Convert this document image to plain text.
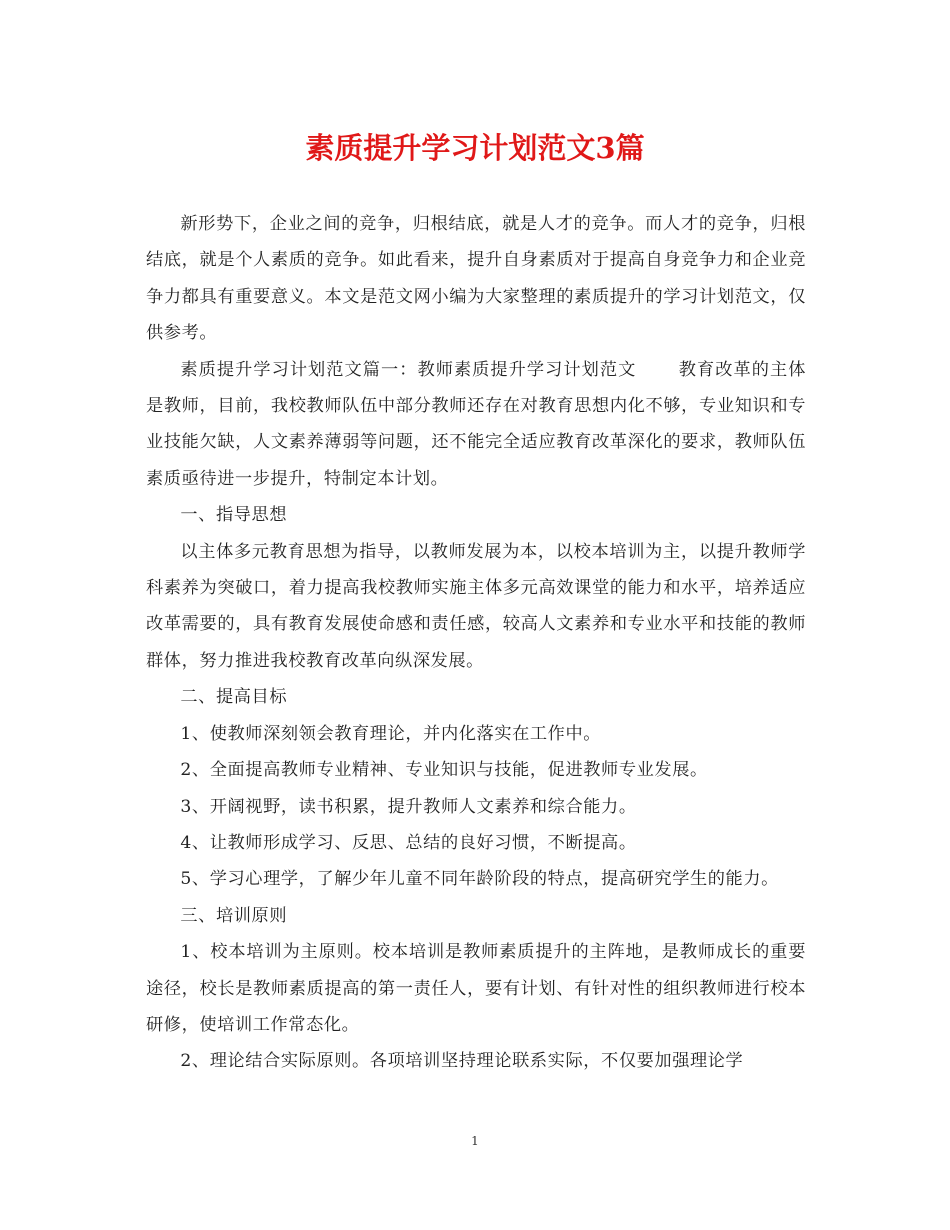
素质提升学习计划范文3篇

新形势下，企业之间的竞争，归根结底，就是人才的竞争。而人才的竞争，归根结底，就是个人素质的竞争。如此看来，提升自身素质对于提高自身竞争力和企业竞争力都具有重要意义。本文是范文网小编为大家整理的素质提升的学习计划范文，仅供参考。

素质提升学习计划范文篇一：教师素质提升学习计划范文 教育改革的主体是教师，目前，我校教师队伍中部分教师还存在对教育思想内化不够，专业知识和专业技能欠缺，人文素养薄弱等问题，还不能完全适应教育改革深化的要求，教师队伍素质亟待进一步提升，特制定本计划。

一、指导思想

以主体多元教育思想为指导，以教师发展为本，以校本培训为主，以提升教师学科素养为突破口，着力提高我校教师实施主体多元高效课堂的能力和水平，培养适应改革需要的，具有教育发展使命感和责任感，较高人文素养和专业水平和技能的教师群体，努力推进我校教育改革向纵深发展。

二、提高目标

1、使教师深刻领会教育理论，并内化落实在工作中。

2、全面提高教师专业精神、专业知识与技能，促进教师专业发展。

3、开阔视野，读书积累，提升教师人文素养和综合能力。

4、让教师形成学习、反思、总结的良好习惯，不断提高。

5、学习心理学，了解少年儿童不同年龄阶段的特点，提高研究学生的能力。

三、培训原则

1、校本培训为主原则。校本培训是教师素质提升的主阵地，是教师成长的重要途径，校长是教师素质提高的第一责任人，要有计划、有针对性的组织教师进行校本研修，使培训工作常态化。

2、理论结合实际原则。各项培训坚持理论联系实际，不仅要加强理论学

1
